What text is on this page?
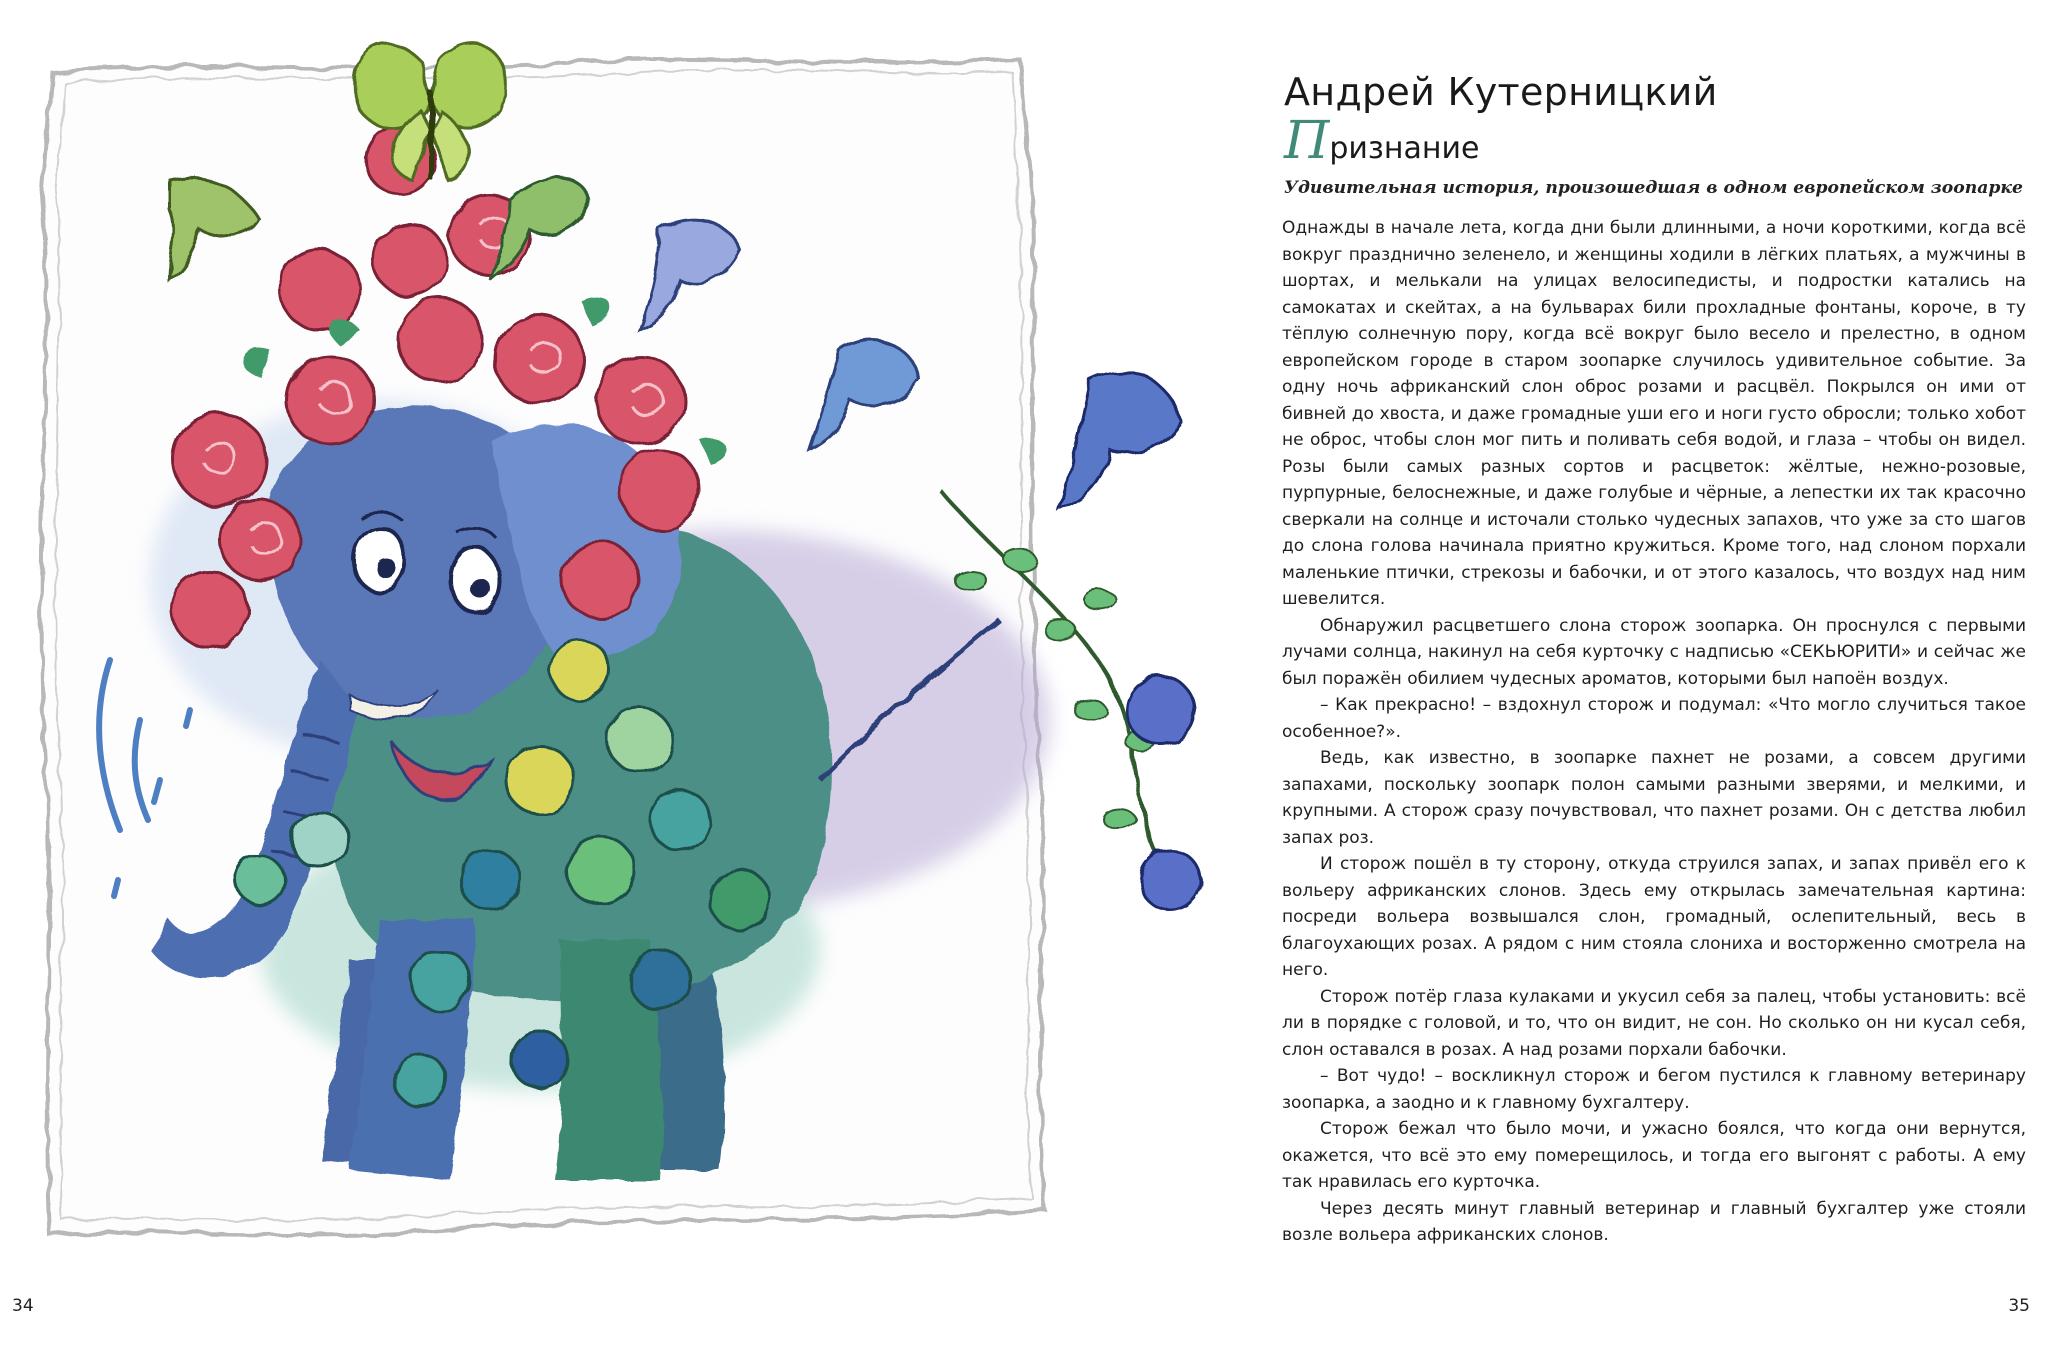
34

Андрей Кутерницкий
Признание

Удивительная история, произошедшая в одном европейском зоопарке

Однажды в начале лета, когда дни были длинными, а ночи короткими, когда всё вокруг празднично зеленело, и женщины ходили в лёгких платьях, а мужчины в шортах, и мелькали на улицах велосипедисты, и подростки катались на самокатах и скейтах, а на бульварах били прохладные фонтаны, короче, в ту тёплую солнечную пору, когда всё вокруг было весело и прелестно, в одном европейском городе в старом зоопарке случилось удивительное событие. За одну ночь африканский слон оброс розами и расцвёл. Покрылся он ими от бивней до хвоста, и даже громадные уши его и ноги густо обросли; только хобот не оброс, чтобы слон мог пить и поливать себя водой, и глаза – чтобы он видел. Розы были самых разных сортов и расцветок: жёлтые, нежно-розовые, пурпурные, белоснежные, и даже голубые и чёрные, а лепестки их так красочно сверкали на солнце и источали столько чудесных запахов, что уже за сто шагов до слона голова начинала приятно кружиться. Кроме того, над слоном порхали маленькие птички, стрекозы и бабочки, и от этого казалось, что воздух над ним шевелится.

Обнаружил расцветшего слона сторож зоопарка. Он проснулся с первыми лучами солнца, накинул на себя курточку с надписью «СЕКЬЮРИТИ» и сейчас же был поражён обилием чудесных ароматов, которыми был напоён воздух.

– Как прекрасно! – вздохнул сторож и подумал: «Что могло случиться такое особенное?».

Ведь, как известно, в зоопарке пахнет не розами, а совсем другими запахами, поскольку зоопарк полон самыми разными зверями, и мелкими, и крупными. А сторож сразу почувствовал, что пахнет розами. Он с детства любил запах роз.

И сторож пошёл в ту сторону, откуда струился запах, и запах привёл его к вольеру африканских слонов. Здесь ему открылась замечательная картина: посреди вольера возвышался слон, громадный, ослепительный, весь в благоухающих розах. А рядом с ним стояла слониха и восторженно смотрела на него.

Сторож потёр глаза кулаками и укусил себя за палец, чтобы установить: всё ли в порядке с головой, и то, что он видит, не сон. Но сколько он ни кусал себя, слон оставался в розах. А над розами порхали бабочки.

– Вот чудо! – воскликнул сторож и бегом пустился к главному ветеринару зоопарка, а заодно и к главному бухгалтеру.

Сторож бежал что было мочи, и ужасно боялся, что когда они вернутся, окажется, что всё это ему померещилось, и тогда его выгонят с работы. А ему так нравилась его курточка.

Через десять минут главный ветеринар и главный бухгалтер уже стояли возле вольера африканских слонов.

35
